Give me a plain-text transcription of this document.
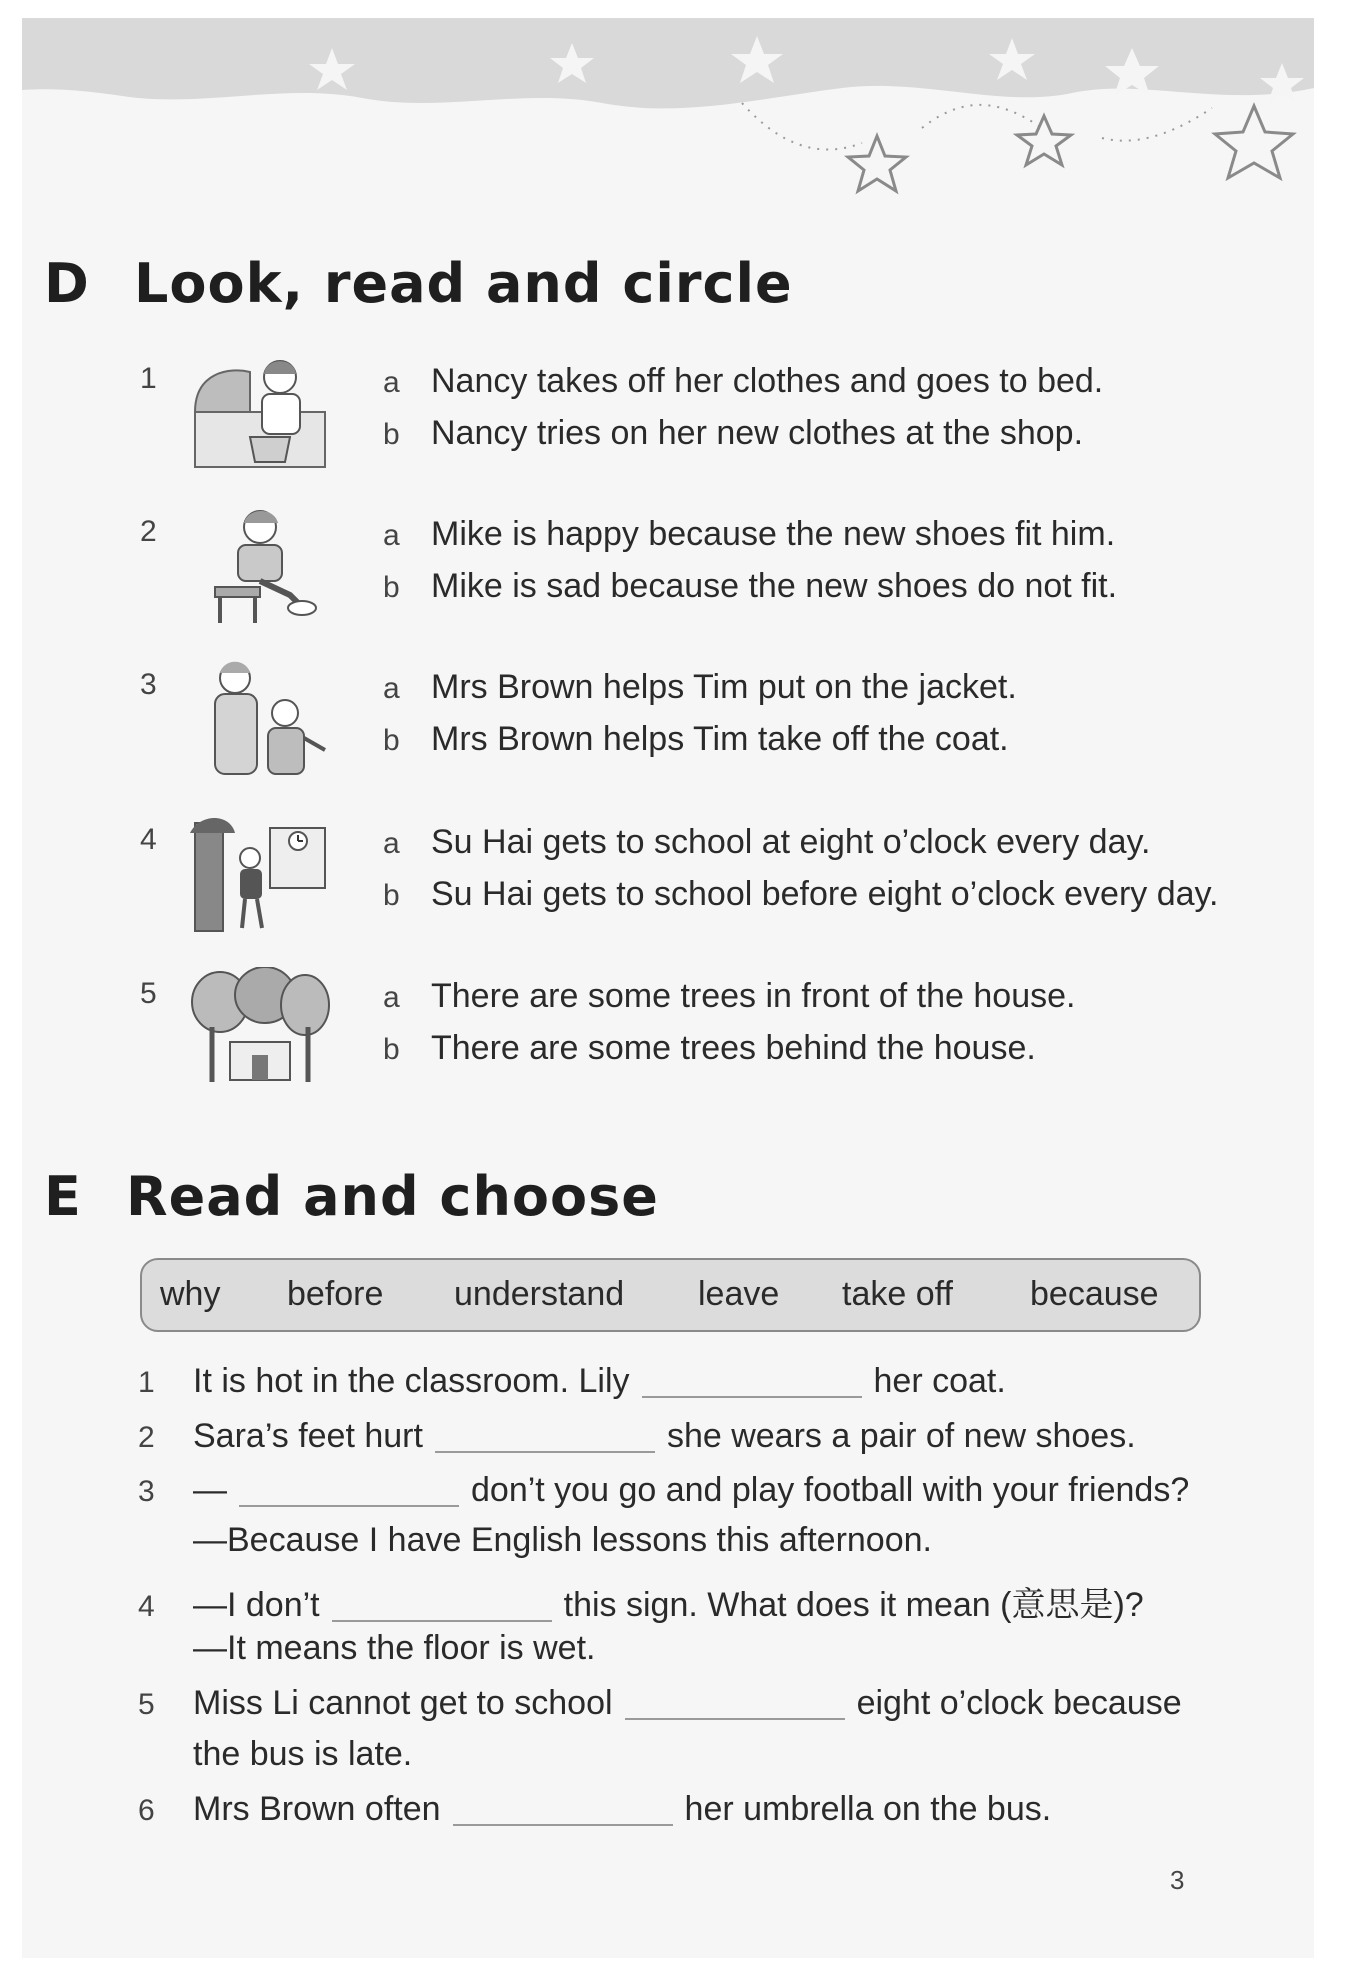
D Look, read and circle
1	a Nancy takes off her clothes and goes to bed.
b Nancy tries on her new clothes at the shop.
2	a Mike is happy because the new shoes fit him.
b Mike is sad because the new shoes do not fit.
3	a Mrs Brown helps Tim put on the jacket.
b Mrs Brown helps Tim take off the coat.
4	a Su Hai gets to school at eight o’clock every day.
b Su Hai gets to school before eight o’clock every day.
5	a There are some trees in front of the house.
b There are some trees behind the house.
E Read and choose
why before understand leave take off because
1 It is hot in the classroom. Lily	her coat.
2 Sara’s feet hurt	she wears a pair of new shoes.
3 —	don’t you go and play football with your friends?
—Because I have English lessons this afternoon.
4 —I don’t	this sign. What does it mean (意思是)?
—It means the floor is wet.
5 Miss Li cannot get to school	eight o’clock because
the bus is late.
6 Mrs Brown often	her umbrella on the bus.
3
